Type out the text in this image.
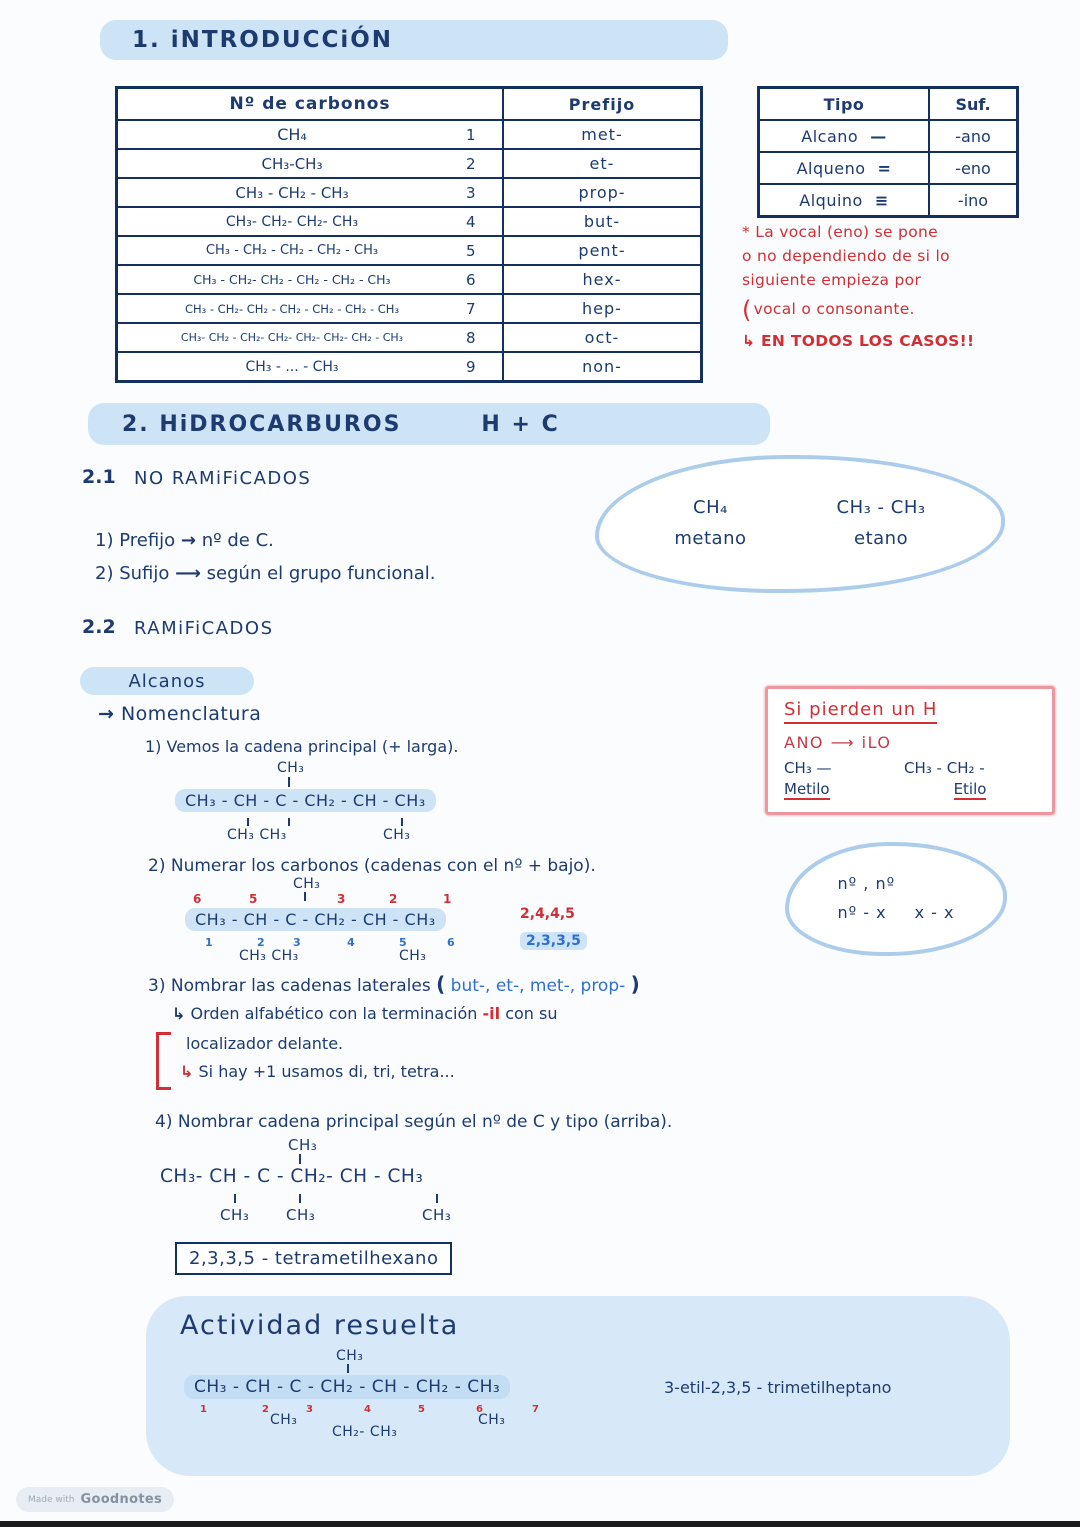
1. iNTRODUCCiÓN
Nº de carbonos	Prefijo
CH₄	1	met-
CH₃-CH₃	2	et-
CH₃ - CH₂ - CH₃	3	prop-
CH₃- CH₂- CH₂- CH₃	4	but-
CH₃ - CH₂ - CH₂ - CH₂ - CH₃	5	pent-
CH₃ - CH₂- CH₂ - CH₂ - CH₂ - CH₃	6	hex-
CH₃ - CH₂- CH₂ - CH₂ - CH₂ - CH₂ - CH₃	7	hep-
CH₃- CH₂ - CH₂- CH₂- CH₂- CH₂- CH₂ - CH₃	8	oct-
CH₃ - ... - CH₃	9	non-
Tipo	Suf.
Alcano —	-ano
Alqueno =	-eno
Alquino ≡	-ino
* La vocal (eno) se pone
o no dependiendo de si lo
siguiente empieza por
( vocal o consonante.
↳ EN TODOS LOS CASOS!!
2. HiDROCARBUROS	H + C
2.1 NO RAMiFiCADOS
1) Prefijo → nº de C.
2) Sufijo ⟶ según el grupo funcional.
CH₄
metano
CH₃ - CH₃
etano
2.2 RAMiFiCADOS
Alcanos
→ Nomenclatura
1) Vemos la cadena principal (+ larga).
CH₃
CH₃ - CH - C - CH₂ - CH - CH₃
CH₃ CH₃	CH₃
Si pierden un H
ANO ⟶ iLO
CH₃ —	CH₃ - CH₂ -
Metilo	Etilo
2) Numerar los carbonos (cadenas con el nº + bajo).
CH₃
6	5	3	2	1
CH₃ - CH - C - CH₂ - CH - CH₃
1	2	3	4	5	6
CH₃ CH₃	CH₃
2,4,4,5
2,3,3,5
nº , nº
nº - x x - x
3) Nombrar las cadenas laterales ( but-, et-, met-, prop- )
↳ Orden alfabético con la terminación -il con su
localizador delante.
↳ Si hay +1 usamos di, tri, tetra...
4) Nombrar cadena principal según el nº de C y tipo (arriba).
CH₃
CH₃- CH - C - CH₂- CH - CH₃
CH₃ CH₃	CH₃
2,3,3,5 - tetrametilhexano
Actividad resuelta
CH₃
CH₃ - CH - C - CH₂ - CH - CH₂ - CH₃
1	2	3	4	5	6	7
CH₃
CH₂- CH₃
CH₃
3-etil-2,3,5 - trimetilheptano
Made with Goodnotes
